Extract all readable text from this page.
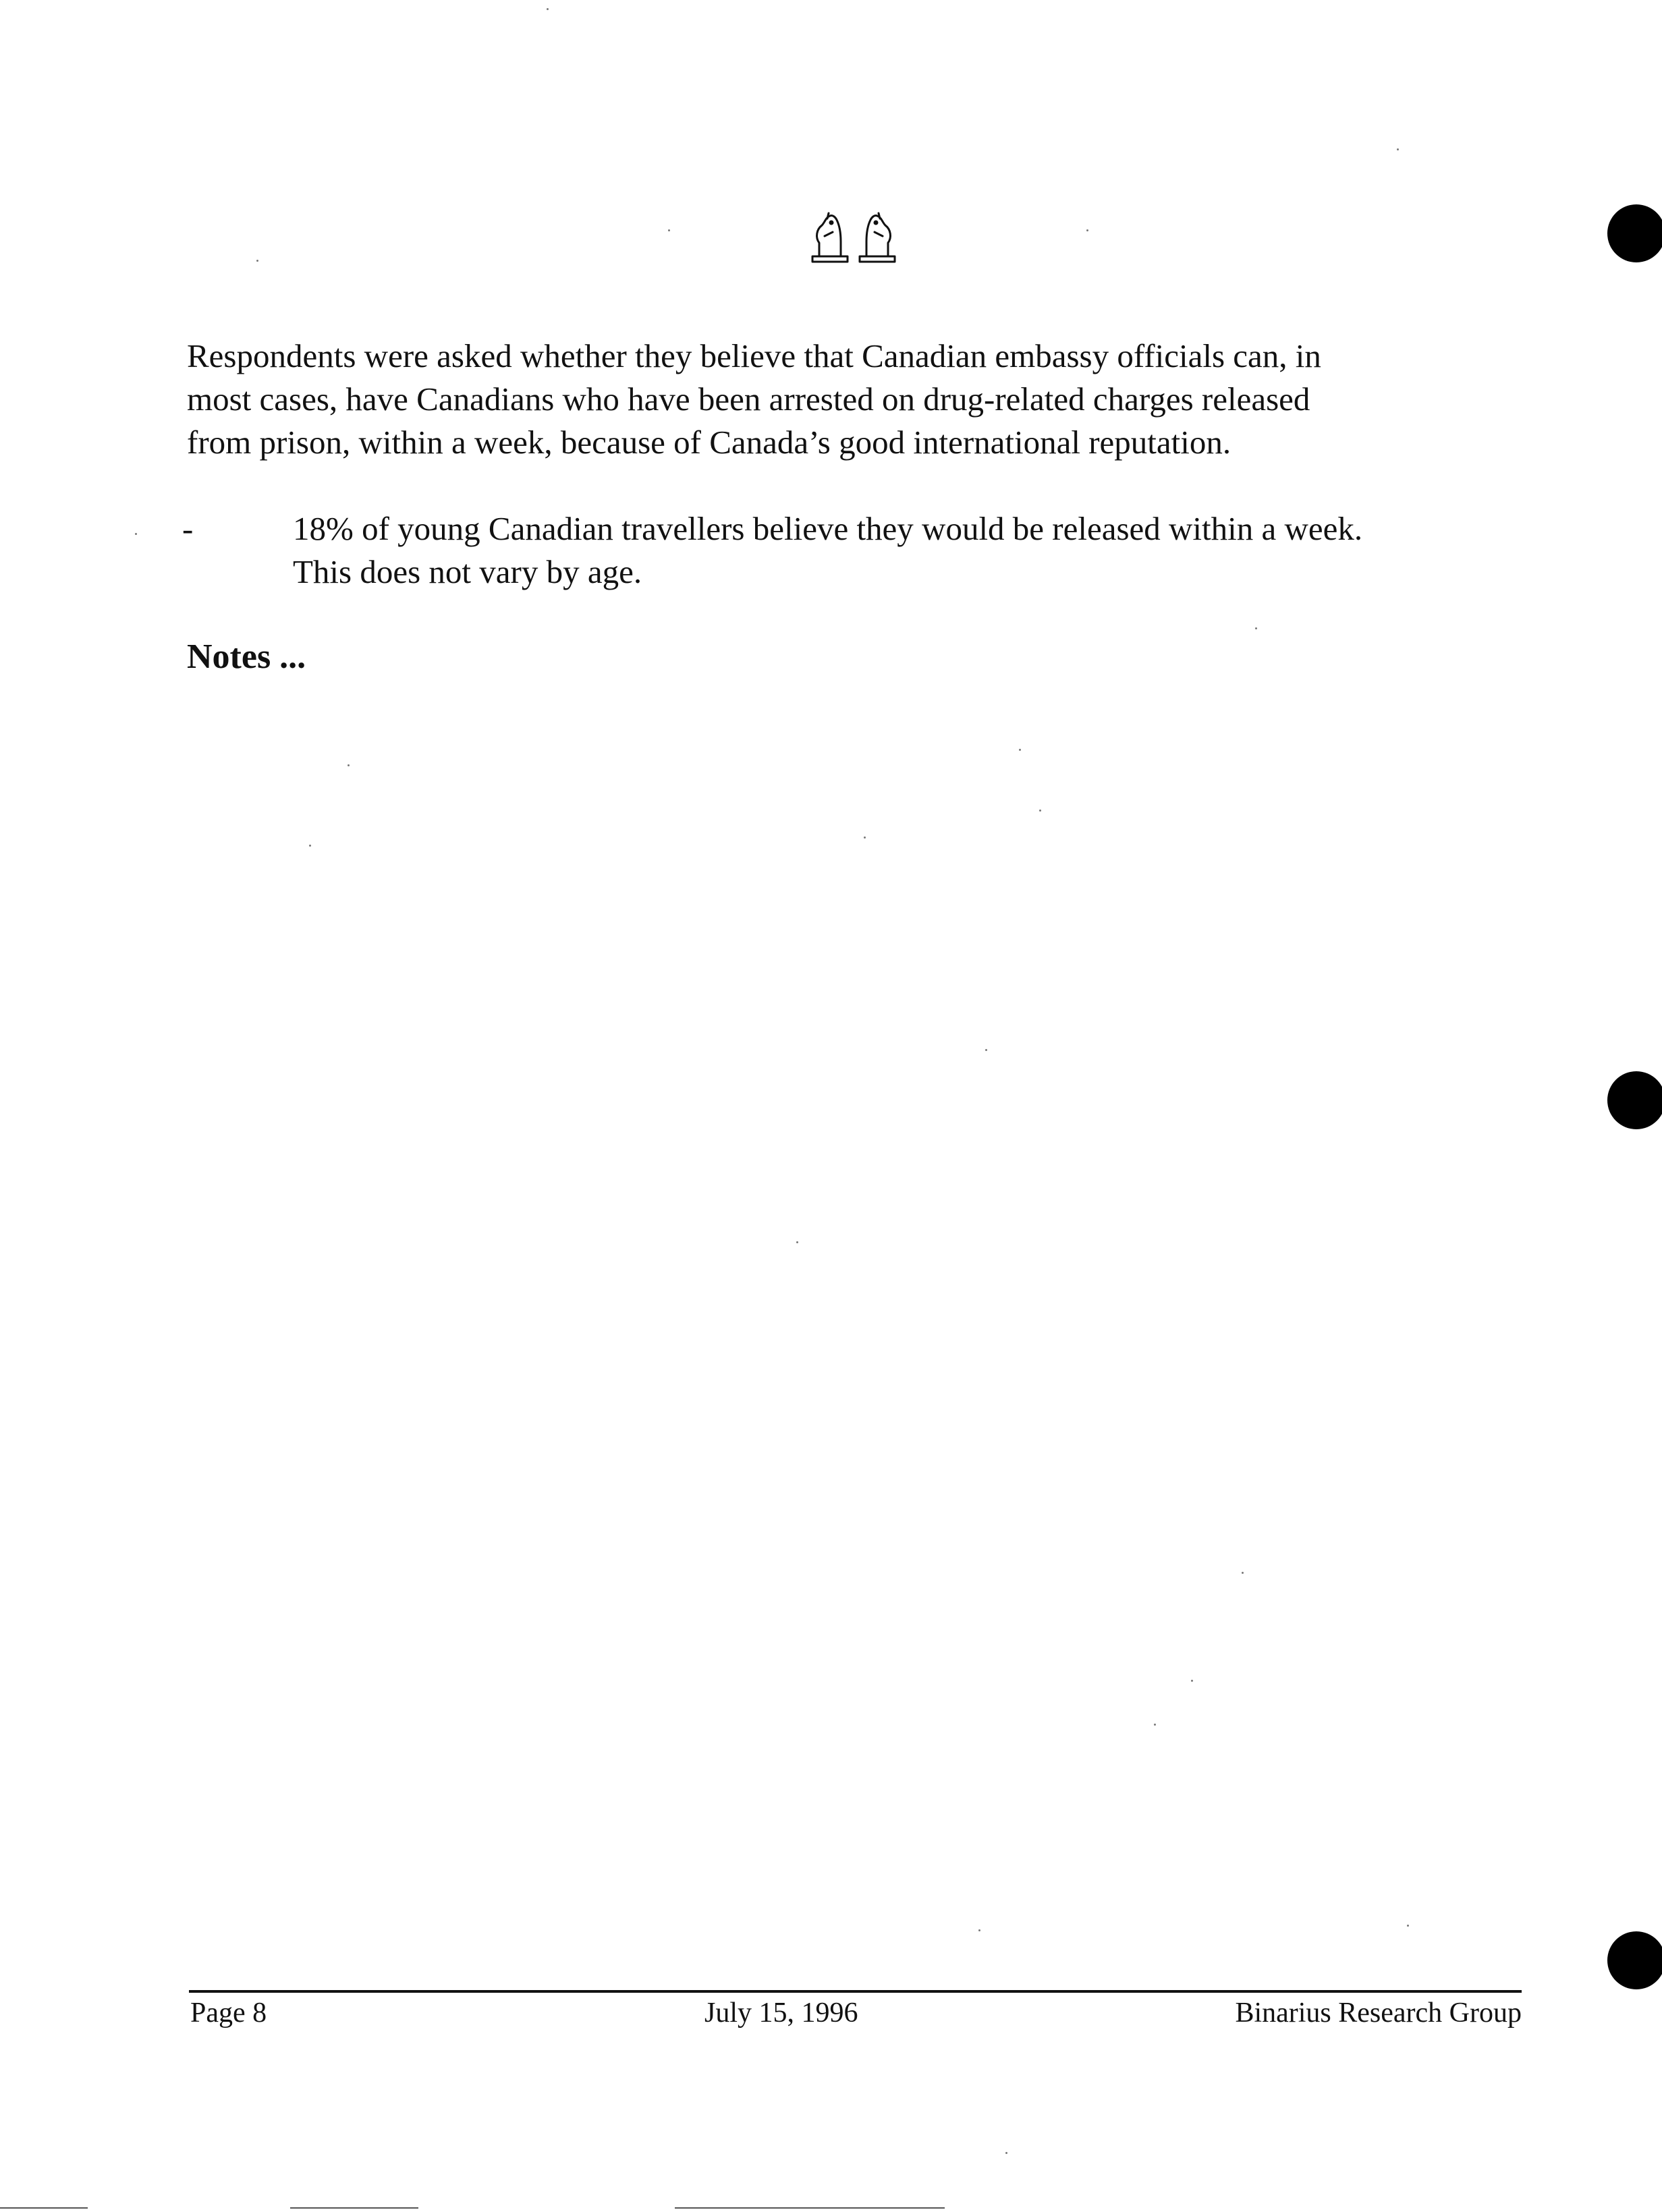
Respondents were asked whether they believe that Canadian embassy officials can, in
most cases, have Canadians who have been arrested on drug-related charges released
from prison, within a week, because of Canada’s good international reputation.

-	18% of young Canadian travellers believe they would be released within a week.
This does not vary by age.

Notes ...
Page 8	July 15, 1996	Binarius Research Group
